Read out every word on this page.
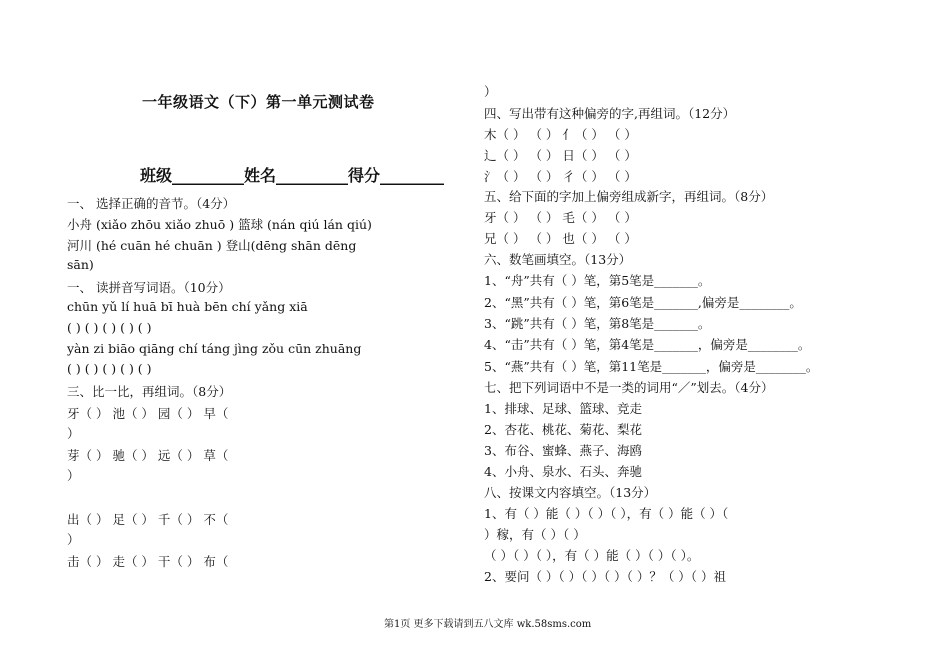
一年级语文（下）第一单元测试卷
班级_________姓名_________得分________
一、 选择正确的音节。（4分）
小舟 (xiǎo zhōu xiǎo zhuō ) 篮球 (nán qiú lán qiú)
河川 (hé cuān hé chuān ) 登山(dēng shān dēng
sān)
一、 读拼音写词语。（10分）
chūn yǔ lí huā bī huà bēn chí yǎng xiā
( ) ( ) ( ) ( ) ( )
yàn zi biāo qiāng chí táng jìng zǒu cūn zhuāng
( ) ( ) ( ) ( ) ( )
三、比一比，再组词。（8分）
牙（ ） 池（ ） 园（ ） 早（
）
芽（ ） 驰（ ） 远（ ） 草（
）
出（ ） 足（ ） 千（ ） 不（
）
击（ ） 走（ ） 干（ ） 布（
）
四、写出带有这种偏旁的字,再组词。（12分）
木（ ） （ ） 亻（ ） （ ）
辶（ ） （ ） 日（ ） （ ）
氵（ ） （ ） 彳（ ） （ ）
五、给下面的字加上偏旁组成新字，再组词。（8分）
牙（ ） （ ） 毛（ ） （ ）
兄（ ） （ ） 也（ ） （ ）
六、数笔画填空。（13分）
1、“舟”共有（ ）笔，第5笔是_______。
2、“黑”共有（ ）笔，第6笔是_______,偏旁是________。
3、“跳”共有（ ）笔，第8笔是_______。
4、“击”共有（ ）笔，第4笔是_______，偏旁是________。
5、“燕”共有（ ）笔，第11笔是_______，偏旁是________。
七、把下列词语中不是一类的词用“／”划去。（4分）
1、排球、足球、篮球、竞走
2、杏花、桃花、菊花、梨花
3、布谷、蜜蜂、燕子、海鸥
4、小舟、泉水、石头、奔驰
八、按课文内容填空。（13分）
1、有（ ）能（ ）（ ）（ ），有（ ）能（ ）（
）稼，有（ ）（ ）
（ ）（ ）（ ），有（ ）能（ ）（ ）（ ）。
2、要问（ ）（ ）（ ）（ ）（ ）？（ ）（ ）祖
第1页 更多下载请到五八文库 wk.58sms.com
